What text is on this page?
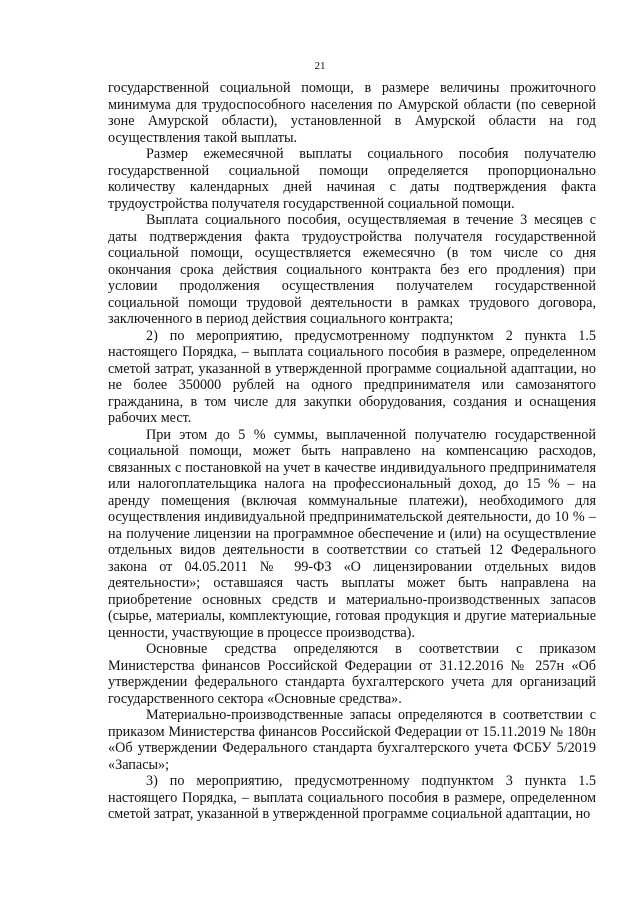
21

государственной социальной помощи, в размере величины прожиточного минимума для трудоспособного населения по Амурской области (по северной зоне Амурской области), установленной в Амурской области на год осуществления такой выплаты.

Размер ежемесячной выплаты социального пособия получателю государственной социальной помощи определяется пропорционально количеству календарных дней начиная с даты подтверждения факта трудоустройства получателя государственной социальной помощи.

Выплата социального пособия, осуществляемая в течение 3 месяцев с даты подтверждения факта трудоустройства получателя государственной социальной помощи, осуществляется ежемесячно (в том числе со дня окончания срока действия социального контракта без его продления) при условии продолжения осуществления получателем государственной социальной помощи трудовой деятельности в рамках трудового договора, заключенного в период действия социального контракта;

2) по мероприятию, предусмотренному подпунктом 2 пункта 1.5 настоящего Порядка, – выплата социального пособия в размере, определенном сметой затрат, указанной в утвержденной программе социальной адаптации, но не более 350000 рублей на одного предпринимателя или самозанятого гражданина, в том числе для закупки оборудования, создания и оснащения рабочих мест.

При этом до 5 % суммы, выплаченной получателю государственной социальной помощи, может быть направлено на компенсацию расходов, связанных с постановкой на учет в качестве индивидуального предпринимателя или налогоплательщика налога на профессиональный доход, до 15 % – на аренду помещения (включая коммунальные платежи), необходимого для осуществления индивидуальной предпринимательской деятельности, до 10 % – на получение лицензии на программное обеспечение и (или) на осуществление отдельных видов деятельности в соответствии со статьей 12 Федерального закона от 04.05.2011 № 99-ФЗ «О лицензировании отдельных видов деятельности»; оставшаяся часть выплаты может быть направлена на приобретение основных средств и материально-производственных запасов (сырье, материалы, комплектующие, готовая продукция и другие материальные ценности, участвующие в процессе производства).

Основные средства определяются в соответствии с приказом Министерства финансов Российской Федерации от 31.12.2016 № 257н «Об утверждении федерального стандарта бухгалтерского учета для организаций государственного сектора «Основные средства».

Материально-производственные запасы определяются в соответствии с приказом Министерства финансов Российской Федерации от 15.11.2019 № 180н «Об утверждении Федерального стандарта бухгалтерского учета ФСБУ 5/2019 «Запасы»;

3) по мероприятию, предусмотренному подпунктом 3 пункта 1.5 настоящего Порядка, – выплата социального пособия в размере, определенном сметой затрат, указанной в утвержденной программе социальной адаптации, но
